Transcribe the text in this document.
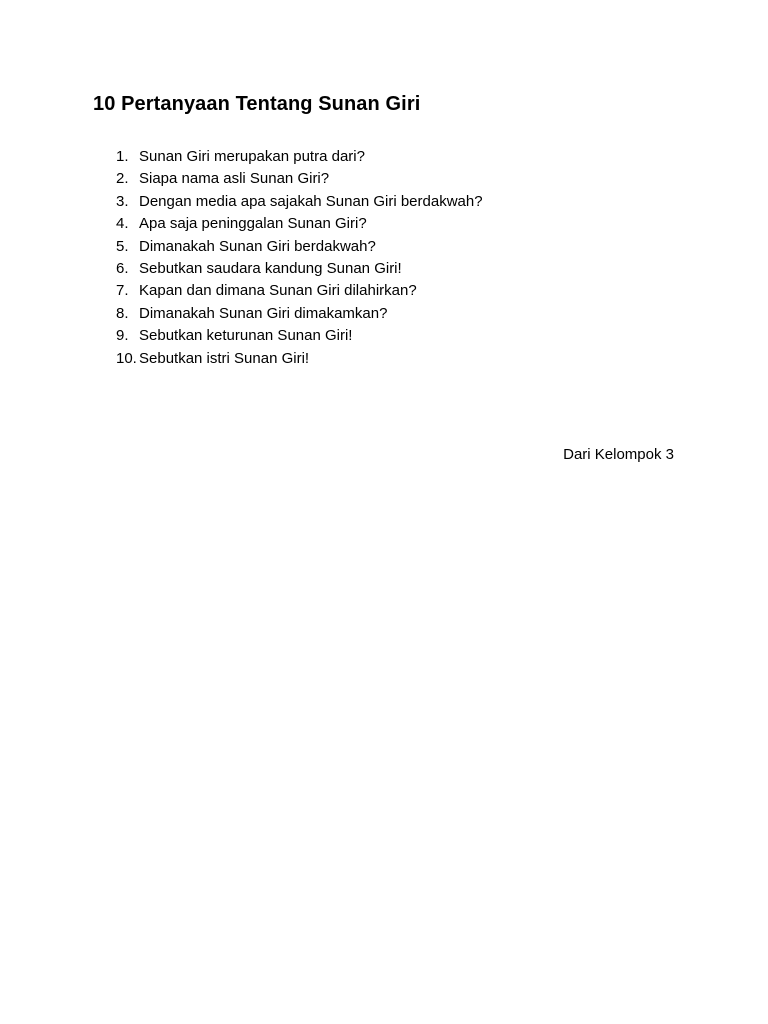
10 Pertanyaan Tentang Sunan Giri
1. Sunan Giri merupakan putra dari?
2. Siapa nama asli Sunan Giri?
3. Dengan media apa sajakah Sunan Giri berdakwah?
4. Apa saja peninggalan Sunan Giri?
5. Dimanakah Sunan Giri berdakwah?
6. Sebutkan saudara kandung Sunan Giri!
7. Kapan dan dimana Sunan Giri dilahirkan?
8. Dimanakah Sunan Giri dimakamkan?
9. Sebutkan keturunan Sunan Giri!
10. Sebutkan istri Sunan Giri!
Dari Kelompok 3
